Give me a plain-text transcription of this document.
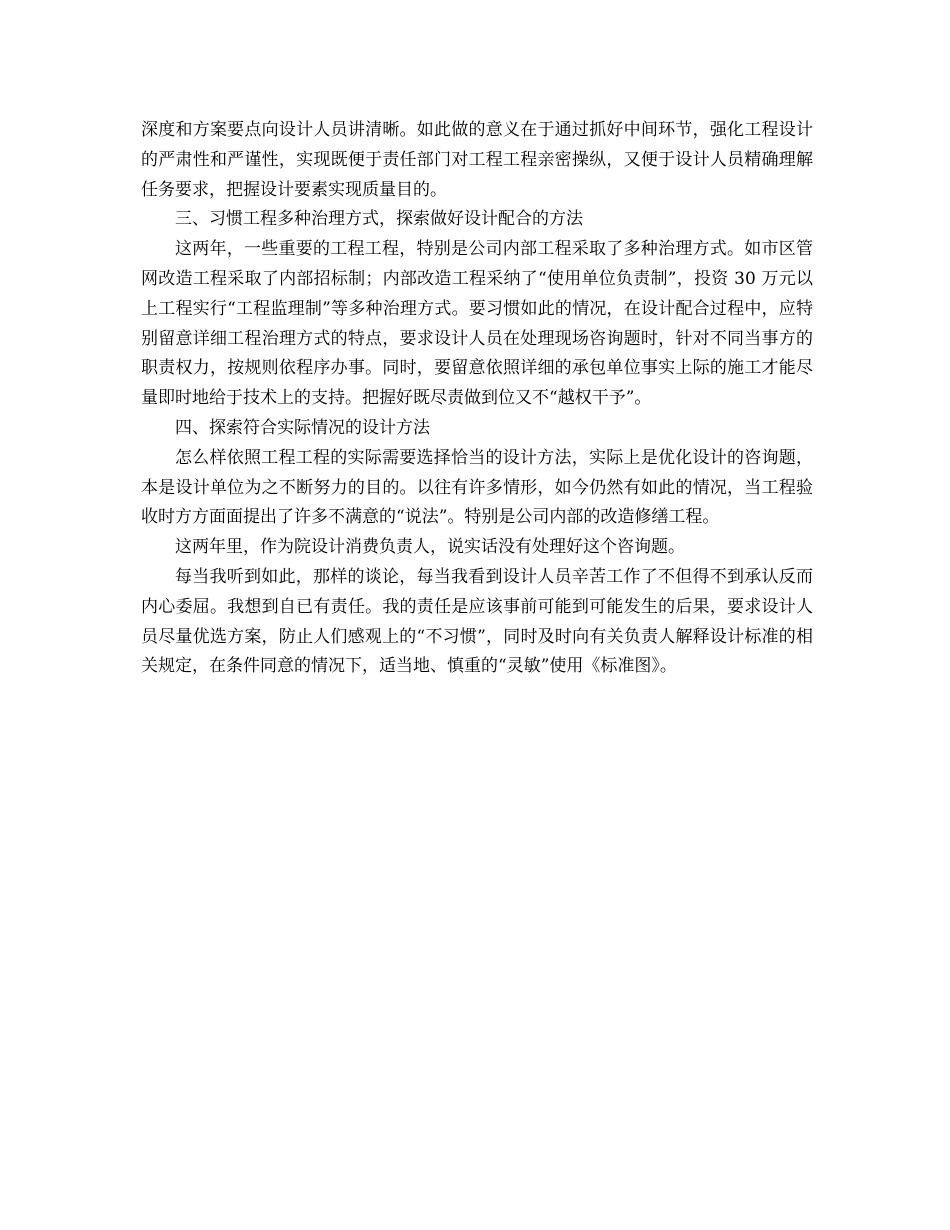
深度和方案要点向设计人员讲清晰。如此做的意义在于通过抓好中间环节，强化工程设计的严肃性和严谨性，实现既便于责任部门对工程工程亲密操纵，又便于设计人员精确理解任务要求，把握设计要素实现质量目的。

三、习惯工程多种治理方式，探索做好设计配合的方法

这两年，一些重要的工程工程，特别是公司内部工程采取了多种治理方式。如市区管网改造工程采取了内部招标制；内部改造工程采纳了“使用单位负责制”，投资 30 万元以上工程实行“工程监理制”等多种治理方式。要习惯如此的情况，在设计配合过程中，应特别留意详细工程治理方式的特点，要求设计人员在处理现场咨询题时，针对不同当事方的职责权力，按规则依程序办事。同时，要留意依照详细的承包单位事实上际的施工才能尽量即时地给于技术上的支持。把握好既尽责做到位又不“越权干予”。

四、探索符合实际情况的设计方法

怎么样依照工程工程的实际需要选择恰当的设计方法，实际上是优化设计的咨询题，本是设计单位为之不断努力的目的。以往有许多情形，如今仍然有如此的情况，当工程验收时方方面面提出了许多不满意的“说法”。特别是公司内部的改造修缮工程。

这两年里，作为院设计消费负责人，说实话没有处理好这个咨询题。

每当我听到如此，那样的谈论，每当我看到设计人员辛苦工作了不但得不到承认反而内心委屈。我想到自已有责任。我的责任是应该事前可能到可能发生的后果，要求设计人员尽量优选方案，防止人们感观上的“不习惯”，同时及时向有关负责人解释设计标准的相关规定，在条件同意的情况下，适当地、慎重的“灵敏”使用《标准图》。
